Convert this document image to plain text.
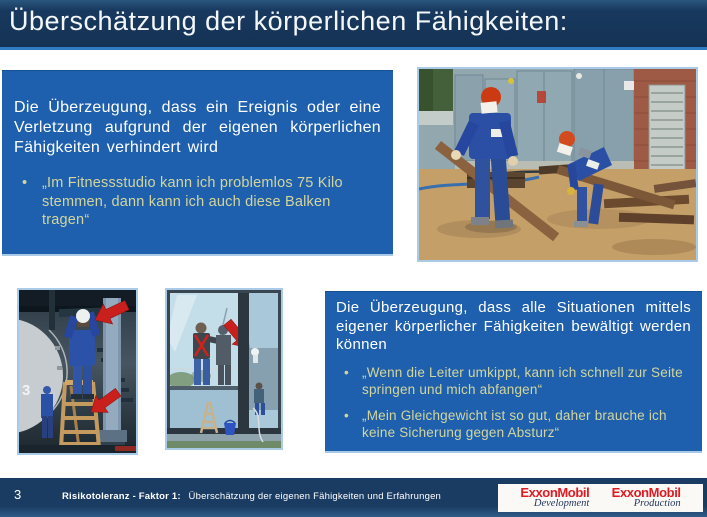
Überschätzung der körperlichen Fähigkeiten:

Die Überzeugung, dass ein Ereignis oder eine Verletzung aufgrund der eigenen körperlichen Fähigkeiten verhindert wird

• „Im Fitnessstudio kann ich problemlos 75 Kilo stemmen, dann kann ich auch diese Balken tragen“
3

Die Überzeugung, dass alle Situationen mittels eigener körperlicher Fähigkeiten bewältigt werden können

• „Wenn die Leiter umkippt, kann ich schnell zur Seite springen und mich abfangen“
• „Mein Gleichgewicht ist so gut, daher brauche ich keine Sicherung gegen Absturz“
3	Risikotoleranz - Faktor 1: Überschätzung der eigenen Fähigkeiten und Erfahrungen	ExxonMobil
Development
ExxonMobil
Production
